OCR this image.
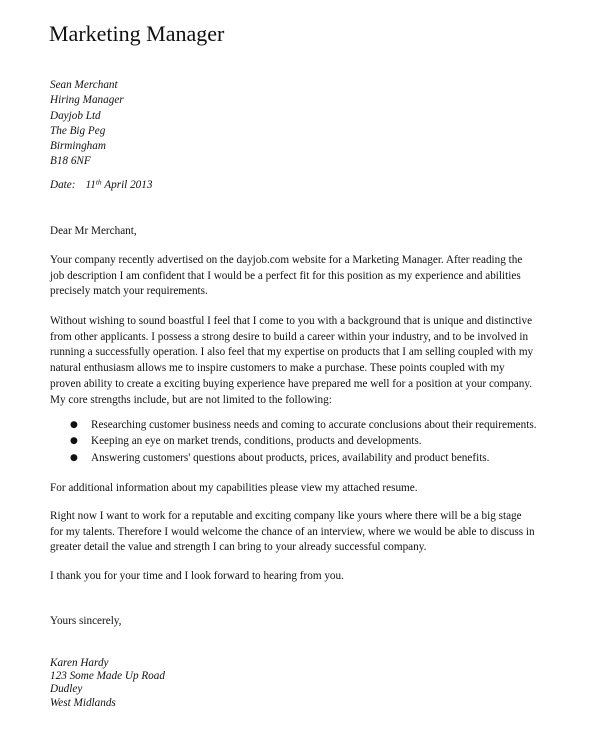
Marketing Manager
Sean Merchant
Hiring Manager
Dayjob Ltd
The Big Peg
Birmingham
B18 6NF
Date: 11th April 2013
Dear Mr Merchant,
Your company recently advertised on the dayjob.com website for a Marketing Manager. After reading the
job description I am confident that I would be a perfect fit for this position as my experience and abilities
precisely match your requirements.
Without wishing to sound boastful I feel that I come to you with a background that is unique and distinctive
from other applicants. I possess a strong desire to build a career within your industry, and to be involved in
running a successfully operation. I also feel that my expertise on products that I am selling coupled with my
natural enthusiasm allows me to inspire customers to make a purchase. These points coupled with my
proven ability to create a exciting buying experience have prepared me well for a position at your company.
My core strengths include, but are not limited to the following:
● Researching customer business needs and coming to accurate conclusions about their requirements.
● Keeping an eye on market trends, conditions, products and developments.
● Answering customers' questions about products, prices, availability and product benefits.
For additional information about my capabilities please view my attached resume.
Right now I want to work for a reputable and exciting company like yours where there will be a big stage
for my talents. Therefore I would welcome the chance of an interview, where we would be able to discuss in
greater detail the value and strength I can bring to your already successful company.
I thank you for your time and I look forward to hearing from you.
Yours sincerely,
Karen Hardy
123 Some Made Up Road
Dudley
West Midlands
